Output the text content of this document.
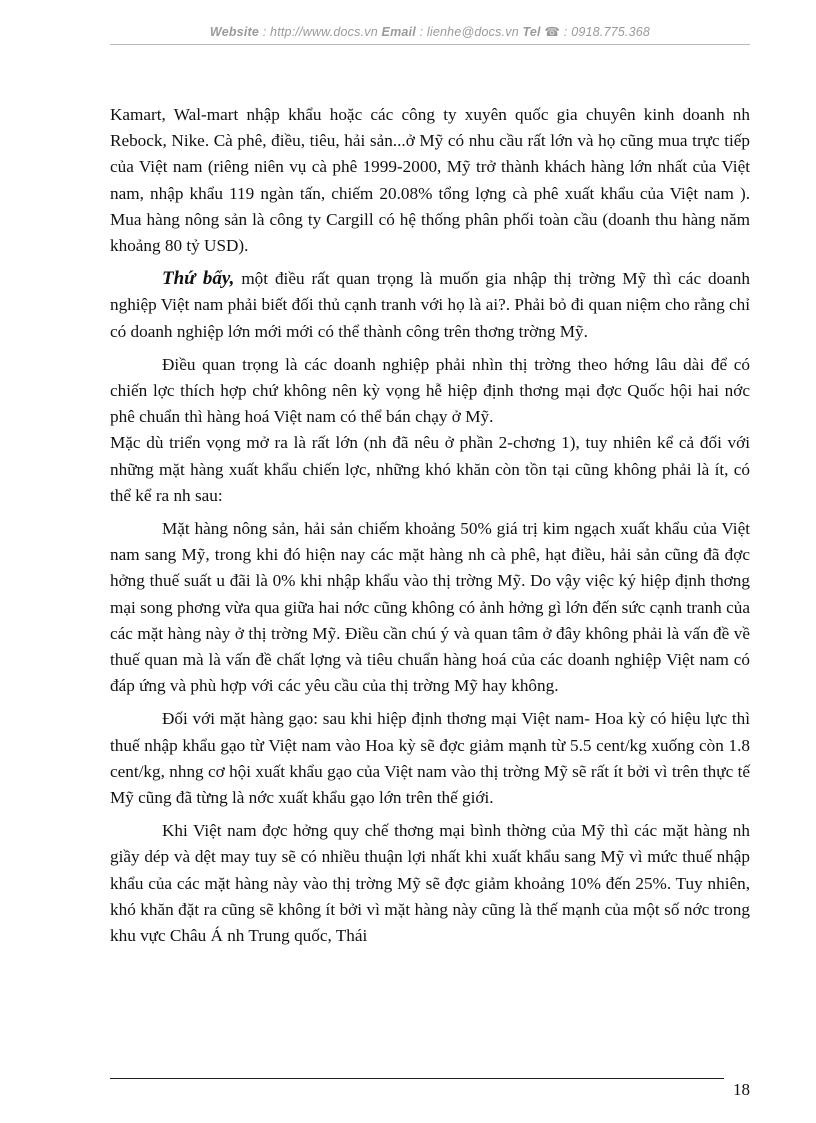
Website : http://www.docs.vn Email : lienhe@docs.vn Tel ☎ : 0918.775.368

Kamart, Wal-mart nhập khẩu hoặc các công ty xuyên quốc gia chuyên kinh doanh nh Rebock, Nike. Cà phê, điều, tiêu, hải sản...ở Mỹ có nhu cầu rất lớn và họ cũng mua trực tiếp của Việt nam (riêng niên vụ cà phê 1999-2000, Mỹ trở thành khách hàng lớn nhất của Việt nam, nhập khẩu 119 ngàn tấn, chiếm 20.08% tổng lợng cà phê xuất khẩu của Việt nam ). Mua hàng nông sản là công ty Cargill có hệ thống phân phối toàn cầu (doanh thu hàng năm khoảng 80 tỷ USD).

Thứ bẩy, một điều rất quan trọng là muốn gia nhập thị trờng Mỹ thì các doanh nghiệp Việt nam phải biết đối thủ cạnh tranh với họ là ai?. Phải bỏ đi quan niệm cho rằng chỉ có doanh nghiệp lớn mới mới có thể thành công trên thơng trờng Mỹ.

Điều quan trọng là các doanh nghiệp phải nhìn thị trờng theo hớng lâu dài để có chiến lợc thích hợp chứ không nên kỳ vọng hễ hiệp định thơng mại đợc Quốc hội hai nớc phê chuẩn thì hàng hoá Việt nam có thể bán chạy ở Mỹ.

Mặc dù triển vọng mở ra là rất lớn (nh đã nêu ở phần 2-chơng 1), tuy nhiên kể cả đối với những mặt hàng xuất khẩu chiến lợc, những khó khăn còn tồn tại cũng không phải là ít, có thể kể ra nh sau:

Mặt hàng nông sản, hải sản chiếm khoảng 50% giá trị kim ngạch xuất khẩu của Việt nam sang Mỹ, trong khi đó hiện nay các mặt hàng nh cà phê, hạt điều, hải sản cũng đã đợc hởng thuế suất u đãi là 0% khi nhập khẩu vào thị trờng Mỹ. Do vậy việc ký hiệp định thơng mại song phơng vừa qua giữa hai nớc cũng không có ảnh hởng gì lớn đến sức cạnh tranh của các mặt hàng này ở thị trờng Mỹ. Điều cần chú ý và quan tâm ở đây không phải là vấn đề về thuế quan mà là vấn đề chất lợng và tiêu chuẩn hàng hoá của các doanh nghiệp Việt nam có đáp ứng và phù hợp với các yêu cầu của thị trờng Mỹ hay không.

Đối với mặt hàng gạo: sau khi hiệp định thơng mại Việt nam- Hoa kỳ có hiệu lực thì thuế nhập khẩu gạo từ Việt nam vào Hoa kỳ sẽ đợc giảm mạnh từ 5.5 cent/kg xuống còn 1.8 cent/kg, nhng cơ hội xuất khẩu gạo của Việt nam vào thị trờng Mỹ sẽ rất ít bởi vì trên thực tế Mỹ cũng đã từng là nớc xuất khẩu gạo lớn trên thế giới.

Khi Việt nam đợc hởng quy chế thơng mại bình thờng của Mỹ thì các mặt hàng nh giầy dép và dệt may tuy sẽ có nhiều thuận lợi nhất khi xuất khẩu sang Mỹ vì mức thuế nhập khẩu của các mặt hàng này vào thị trờng Mỹ sẽ đợc giảm khoảng 10% đến 25%. Tuy nhiên, khó khăn đặt ra cũng sẽ không ít bởi vì mặt hàng này cũng là thế mạnh của một số nớc trong khu vực Châu Á nh Trung quốc, Thái

18
